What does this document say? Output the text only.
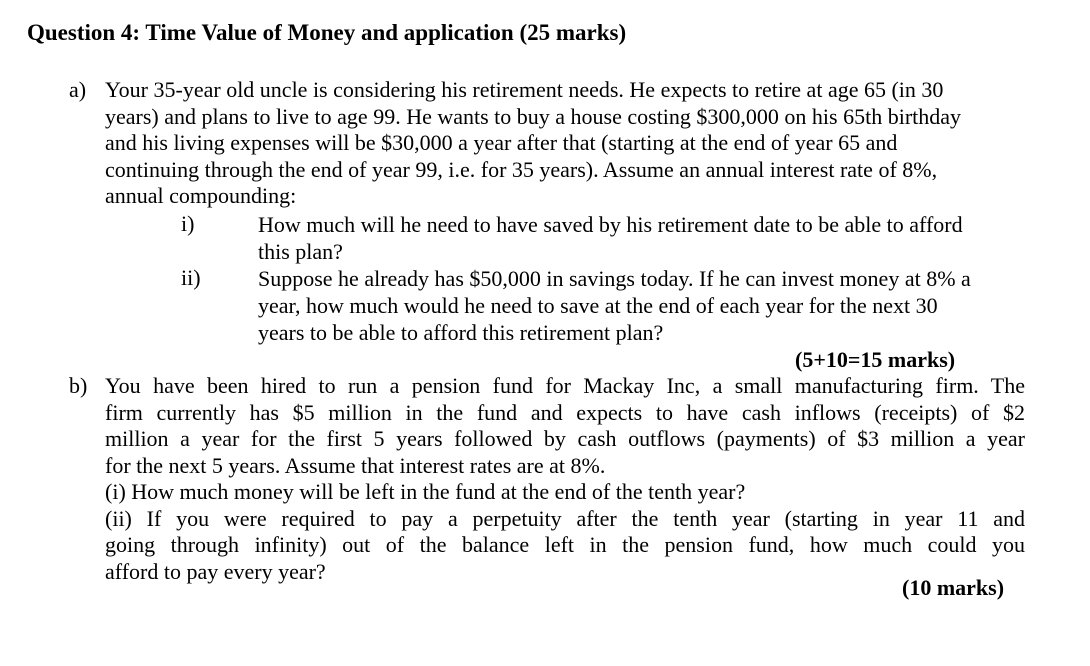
Question 4: Time Value of Money and application (25 marks)
a) Your 35-year old uncle is considering his retirement needs. He expects to retire at age 65 (in 30
years) and plans to live to age 99. He wants to buy a house costing $300,000 on his 65th birthday
and his living expenses will be $30,000 a year after that (starting at the end of year 65 and
continuing through the end of year 99, i.e. for 35 years). Assume an annual interest rate of 8%,
annual compounding:
i)	How much will he need to have saved by his retirement date to be able to afford
this plan?
ii)	Suppose he already has $50,000 in savings today. If he can invest money at 8% a
year, how much would he need to save at the end of each year for the next 30
years to be able to afford this retirement plan?
(5+10=15 marks)
b) You have been hired to run a pension fund for Mackay Inc, a small manufacturing firm. The
firm currently has $5 million in the fund and expects to have cash inflows (receipts) of $2
million a year for the first 5 years followed by cash outflows (payments) of $3 million a year
for the next 5 years. Assume that interest rates are at 8%.
(i) How much money will be left in the fund at the end of the tenth year?
(ii) If you were required to pay a perpetuity after the tenth year (starting in year 11 and
going through infinity) out of the balance left in the pension fund, how much could you
afford to pay every year?
(10 marks)
